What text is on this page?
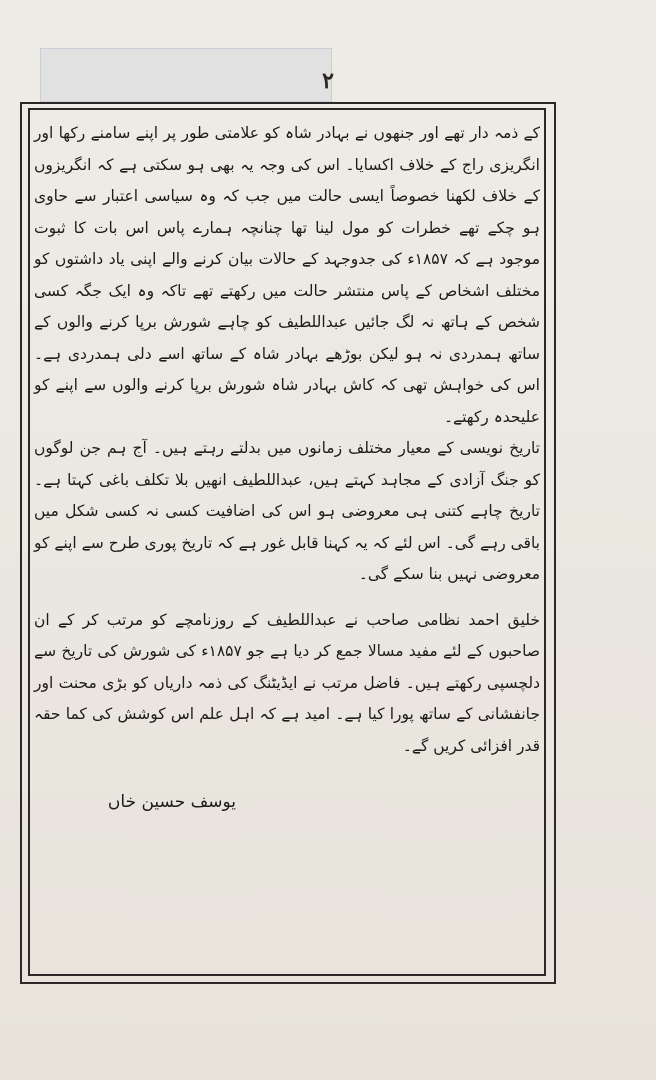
۲

کے ذمہ دار تھے اور جنھوں نے بہادر شاہ کو علامتی طور پر اپنے سامنے رکھا اور انگریزی راج کے خلاف اکسایا۔ اس کی وجہ یہ بھی ہو سکتی ہے کہ انگریزوں کے خلاف لکھنا خصوصاً ایسی حالت میں جب کہ وہ سیاسی اعتبار سے حاوی ہو چکے تھے خطرات کو مول لینا تھا چنانچہ ہمارے پاس اس بات کا ثبوت موجود ہے کہ ۱۸۵۷ء کی جدوجہد کے حالات بیان کرنے والے اپنی یاد داشتوں کو مختلف اشخاص کے پاس منتشر حالت میں رکھتے تھے تاکہ وہ ایک جگہ کسی شخص کے ہاتھ نہ لگ جائیں عبداللطیف کو چاہے شورش برپا کرنے والوں کے ساتھ ہمدردی نہ ہو لیکن بوڑھے بہادر شاہ کے ساتھ اسے دلی ہمدردی ہے۔ اس کی خواہش تھی کہ کاش بہادر شاہ شورش برپا کرنے والوں سے اپنے کو علیحدہ رکھتے۔

تاریخ نویسی کے معیار مختلف زمانوں میں بدلتے رہتے ہیں۔ آج ہم جن لوگوں کو جنگ آزادی کے مجاہد کہتے ہیں، عبداللطیف انھیں بلا تکلف باغی کہتا ہے۔ تاریخ چاہے کتنی ہی معروضی ہو اس کی اضافیت کسی نہ کسی شکل میں باقی رہے گی۔ اس لئے کہ یہ کہنا قابل غور ہے کہ تاریخ پوری طرح سے اپنے کو معروضی نہیں بنا سکے گی۔

خلیق احمد نظامی صاحب نے عبداللطیف کے روزنامچے کو مرتب کر کے ان صاحبوں کے لئے مفید مسالا جمع کر دیا ہے جو ۱۸۵۷ء کی شورش کی تاریخ سے دلچسپی رکھتے ہیں۔ فاضل مرتب نے ایڈیٹنگ کی ذمہ داریاں کو بڑی محنت اور جانفشانی کے ساتھ پورا کیا ہے۔ امید ہے کہ اہل علم اس کوشش کی کما حقہ قدر افزائی کریں گے۔

یوسف حسین خاں
